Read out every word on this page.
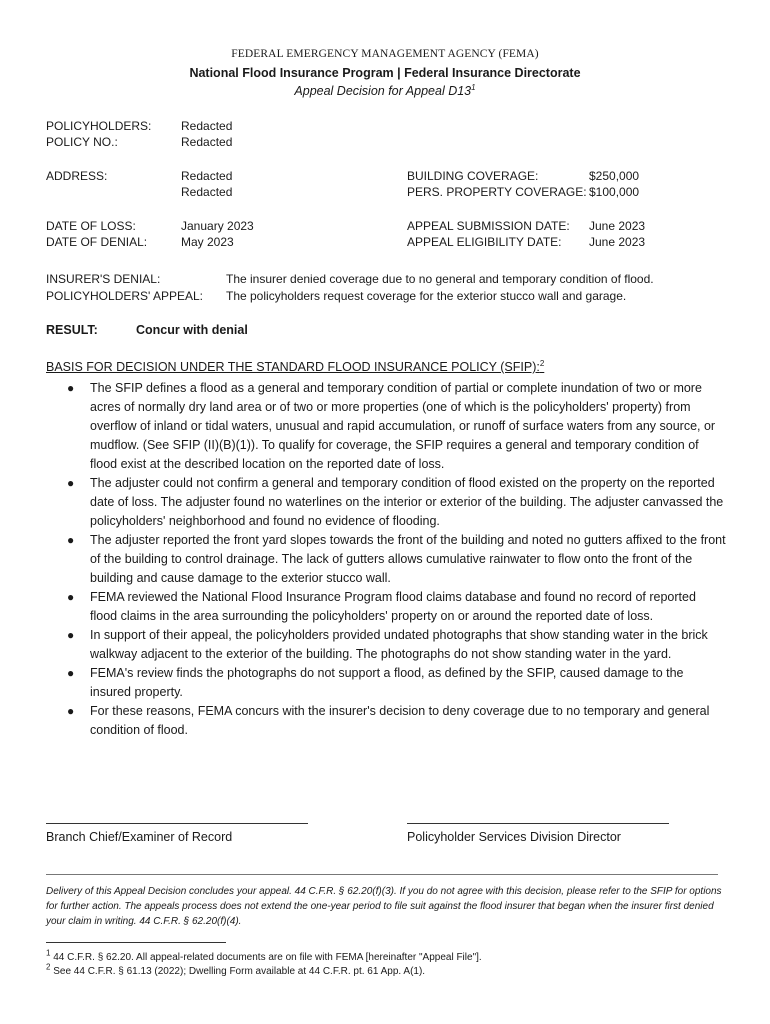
FEDERAL EMERGENCY MANAGEMENT AGENCY (FEMA)
National Flood Insurance Program | Federal Insurance Directorate
Appeal Decision for Appeal $D13^1$
POLICYHOLDERS: Redacted
POLICY NO.:	Redacted
ADDRESS:	Redacted
Redacted
BUILDING COVERAGE:	$250,000
PERS. PROPERTY COVERAGE: $100,000
DATE OF LOSS:	January 2023
DATE OF DENIAL:	May 2023
APPEAL SUBMISSION DATE: June 2023
APPEAL ELIGIBILITY DATE: June 2023
INSURER'S DENIAL:	The insurer denied coverage due to no general and temporary condition of flood.
POLICYHOLDERS' APPEAL: The policyholders request coverage for the exterior stucco wall and garage.
RESULT:	Concur with denial
BASIS FOR DECISION UNDER THE STANDARD FLOOD INSURANCE POLICY (SFIP):$^2$
● The SFIP defines a flood as a general and temporary condition of partial or complete inundation of two or more acres of normally dry land area or of two or more properties (one of which is the policyholders' property) from overflow of inland or tidal waters, unusual and rapid accumulation, or runoff of surface waters from any source, or mudflow. (See SFIP (II)(B)(1)). To qualify for coverage, the SFIP requires a general and temporary condition of flood exist at the described location on the reported date of loss.
● The adjuster could not confirm a general and temporary condition of flood existed on the property on the reported date of loss. The adjuster found no waterlines on the interior or exterior of the building. The adjuster canvassed the policyholders' neighborhood and found no evidence of flooding.
● The adjuster reported the front yard slopes towards the front of the building and noted no gutters affixed to the front of the building to control drainage. The lack of gutters allows cumulative rainwater to flow onto the front of the building and cause damage to the exterior stucco wall.
● FEMA reviewed the National Flood Insurance Program flood claims database and found no record of reported flood claims in the area surrounding the policyholders' property on or around the reported date of loss.
● In support of their appeal, the policyholders provided undated photographs that show standing water in the brick walkway adjacent to the exterior of the building. The photographs do not show standing water in the yard.
● FEMA's review finds the photographs do not support a flood, as defined by the SFIP, caused damage to the insured property.
● For these reasons, FEMA concurs with the insurer's decision to deny coverage due to no temporary and general condition of flood.
Branch Chief/Examiner of Record	Policyholder Services Division Director
Delivery of this Appeal Decision concludes your appeal. 44 C.F.R. § 62.20(f)(3). If you do not agree with this decision, please refer to the SFIP for options for further action. The appeals process does not extend the one-year period to file suit against the flood insurer that began when the insurer first denied your claim in writing. 44 C.F.R. § 62.20(f)(4).
$^1$ 44 C.F.R. § 62.20. All appeal-related documents are on file with FEMA [hereinafter "Appeal File"].
$^2$ See 44 C.F.R. § 61.13 (2022); Dwelling Form available at 44 C.F.R. pt. 61 App. A(1).
